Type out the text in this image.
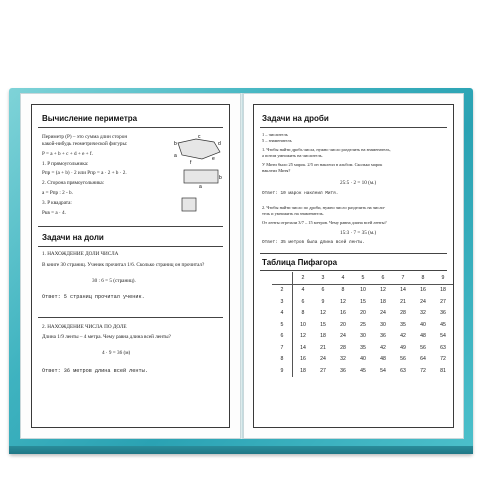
Вычисление периметра
Периметр (P) – это сумма длин сторон
какой-нибудь геометрической фигуры:
P = a + b + c + d + e + f.
b
c
d
e
f
a
1. P прямоугольника:
Pпр = (a + b) · 2 или Pпр = a · 2 + b · 2.
b
a
2. Сторона прямоугольника:
a = Pпр : 2 - b.
3. P квадрата:
Pкв = a · 4.
Задачи на доли
1. НАХОЖДЕНИЕ ДОЛИ ЧИСЛА
В книге 30 страниц. Ученик прочитал 1/6. Сколько страниц он прочитал?
30 : 6 = 5 (страниц).
Ответ: 5 страниц прочитал ученик.
2. НАХОЖДЕНИЕ ЧИСЛА ПО ДОЛЕ
Длина 1/9 ленты – 4 метра. Чему равна длина всей ленты?
4 · 9 = 36 (м)
Ответ: 36 метров длина всей ленты.
Задачи на дроби
1 – числитель
5 – знаменатель
1. Чтобы найти дробь числа, нужно число разделить на знаменатель,
а потом умножить на числитель.
У Мити было 25 марок. 2/5 он наклеил в альбом. Сколько марок
наклеил Митя?
25:5 · 2 = 10 (м.)
Ответ: 10 марок наклеил Митя.
2. Чтобы найти число по дроби, нужно число разделить на числи-
тель и умножить на знаменатель.
От ленты отрезали 3/7 – 15 метров. Чему равна длина всей ленты?
15:3 · 7 = 35 (м.)
Ответ: 35 метров была длина всей ленты.
Таблица Пифагора
	2	3	4	5	6	7	8	9
2	4	6	8	10	12	14	16	18
3	6	9	12	15	18	21	24	27
4	8	12	16	20	24	28	32	36
5	10	15	20	25	30	35	40	45
6	12	18	24	30	36	42	48	54
7	14	21	28	35	42	49	56	63
8	16	24	32	40	48	56	64	72
9	18	27	36	45	54	63	72	81
